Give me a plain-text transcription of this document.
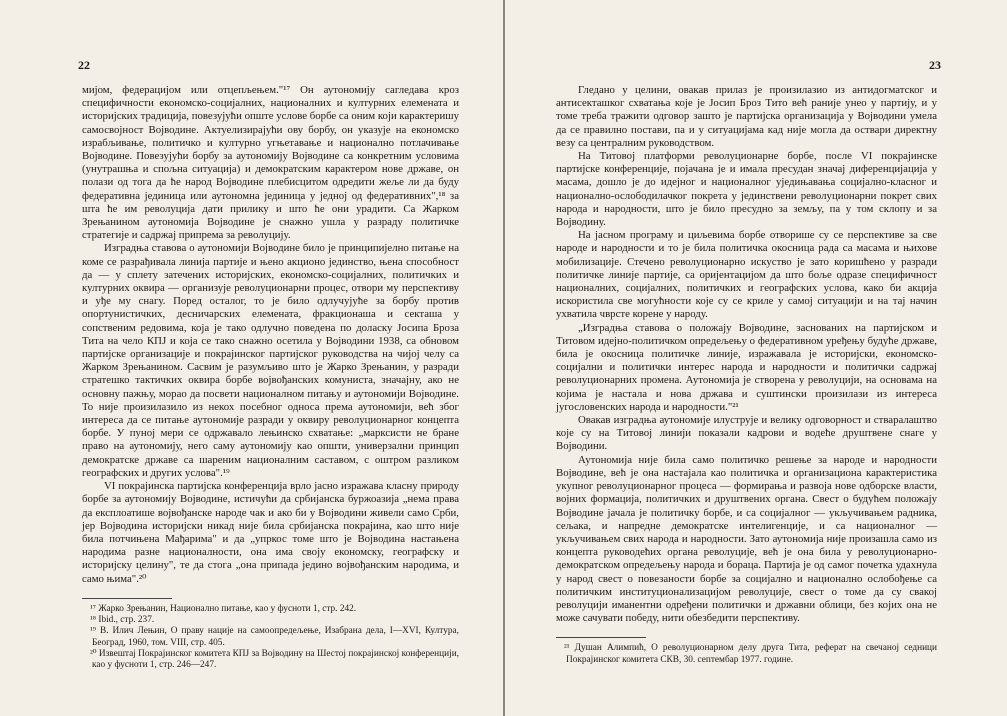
22

мијом, федерацијом или отцепљењем."¹⁷ Он аутономију сагледава кроз специфичности економско-социјалних, националних и културних елемената и историјских традиција, повезујући опште услове борбе са оним који карактеришу самосвојност Војводине. Актуелизирајући ову борбу, он указује на економско израбљивање, политичко и културно угњетавање и национално потлачивање Војводине. Повезујући борбу за аутономију Војводине са конкретним условима (унутрашња и спољна ситуација) и демократским карактером нове државе, он полази од тога да ће народ Војводине плебисцитом одредити жеље ли да буду федеративна јединица или аутономна јединица у једној од федеративних",¹⁸ за шта ће им револуција дати прилику и што ће они урадити. Са Жарком Зрењанином аутономија Војводине је снажно ушла у разраду политичке стратегије и садржај припрема за револуцију.

Изградња ставова о аутономији Војводине било је принципијелно питање на коме се разрађивала линија партије и њено акционо јединство, њена способност да — у сплету затечених историјских, економско-социјалних, политичких и културних оквира — организује револуционарни процес, отвори му перспективу и уђе му снагу. Поред осталог, то је било одлучујуће за борбу против опортунистичких, десничарских елемената, фракционаша и секташа у сопственим редовима, која је тако одлучно поведена по доласку Јосипа Броза Тита на чело КПЈ и која се тако снажно осетила у Војводини 1938, са обновом партијске организације и покрајинског партијског руководства на чијој челу са Жарком Зрењанином. Сасвим је разумљиво што је Жарко Зрењанин, у разради стратешко тактичких оквира борбе војвођанских комуниста, значајну, ако не основну пажњу, морао да посвети националном питању и аутономији Војводине. То није произилазило из некох посебног односа према аутономији, већ због интереса да се питање аутономије разради у оквиру револуционарног концепта борбе. У пуној мери се одржавало лењинско схватање: „марксисти не бране право на аутономију, него саму аутономију као општи, универзални принцип демократске државе са шареним националним саставом, с оштром разликом географских и других услова".¹⁹

VI покрајинска партијска конференција врло јасно изражава класну природу борбе за аутономију Војводине, истичући да србијанска буржоазија „нема права да експлоатише војвођанске народе чак и ако би у Војводини живели само Срби, јер Војводина историјски никад није била србијанска покрајина, као што није била потчињена Мађарима" и да „упркос томе што је Војводина настањена народима разне националности, она има своју економску, географску и историјску целину", те да стога „она припада једино војвођанским народима, и само њима".²⁰

¹⁷ Жарко Зрењанин, Национално питање, као у фусноти 1, стр. 242.

¹⁸ Ibid., стр. 237.

¹⁹ В. Илич Лењин, О праву нације на самоопредељење, Изабрана дела, I—XVI, Култура, Београд, 1960, том. VIII, стр. 405.

²⁰ Извештај Покрајинског комитета КПЈ за Војводину на Шестој покрајинској конференцији, као у фусноти 1, стр. 246—247.

23

Гледано у целини, овакав прилаз је произилазио из антидогматског и антисекташког схватања које је Јосип Броз Тито већ раније унео у партију, и у томе треба тражити одговор зашто је партијска организација у Војводини умела да се правилно постави, па и у ситуацијама кад није могла да оствари директну везу са централним руководством.

На Титовој платформи револуционарне борбе, после VI покрајинске партијске конференције, појачана је и имала пресудан значај диференцијација у масама, дошло је до идејног и националног уједињавања социјално-класног и национално-ослободилачког покрета у јединствени револуционарни покрет свих народа и народности, што је било пресудно за земљу, па у том склопу и за Војводину.

На јасном програму и циљевима борбе отворише су се перспективе за све народе и народности и то је била политичка окосница рада са масама и њихове мобилизације. Стечено револуционарно искуство је зато коришћено у разради политичке линије партије, са оријентацијом да што боље одразе специфичност националних, социјалних, политичких и географских услова, како би акција искористила све могућности које су се криле у самој ситуацији и на тај начин ухватила чврсте корене у народу.

„Изградња ставова о положају Војводине, заснованих на партијском и Титовом идејно-политичком опредељењу о федеративном уређењу будуће државе, била је окосница политичке линије, изражавала је историјски, економско-социјални и политички интерес народа и народности и политички садржај револуционарних промена. Аутономија је створена у револуцији, на основама на којима је настала и нова држава и суштински произилази из интереса југословенских народа и народности."²¹

Овакав изградња аутономије илуструје и велику одговорност и стваралаштво које су на Титовој линији показали кадрови и водеће друштвене снаге у Војводини.

Аутономија није била само политичко решење за народе и народности Војводине, већ је она настајала као политичка и организациона карактеристика укупног револуционарног процеса — формирања и развоја нове одборске власти, војних формација, политичких и друштвених органа. Свест о будућем положају Војводине јачала је политичку борбе, и са социјалног — укључивањем радника, сељака, и напредне демократске интелигенције, и са националног — укључивањем свих народа и народности. Зато аутономија није произашла само из концепта руководећих органа револуције, већ је она била у револуционарно-демократском опредељењу народа и бораца. Партија је од самог почетка удахнула у народ свест о повезаности борбе за социјално и национално ослобођење са политичким институционализацијом револуције, свест о томе да су свакој револуцији иманентни одређени политички и државни облици, без којих она не може сачувати победу, нити обезбедити перспективу.

²¹ Душан Алимпић, О револуционарном делу друга Тита, реферат на свечаној седници Покрајинског комитета СКВ, 30. септембар 1977. године.
